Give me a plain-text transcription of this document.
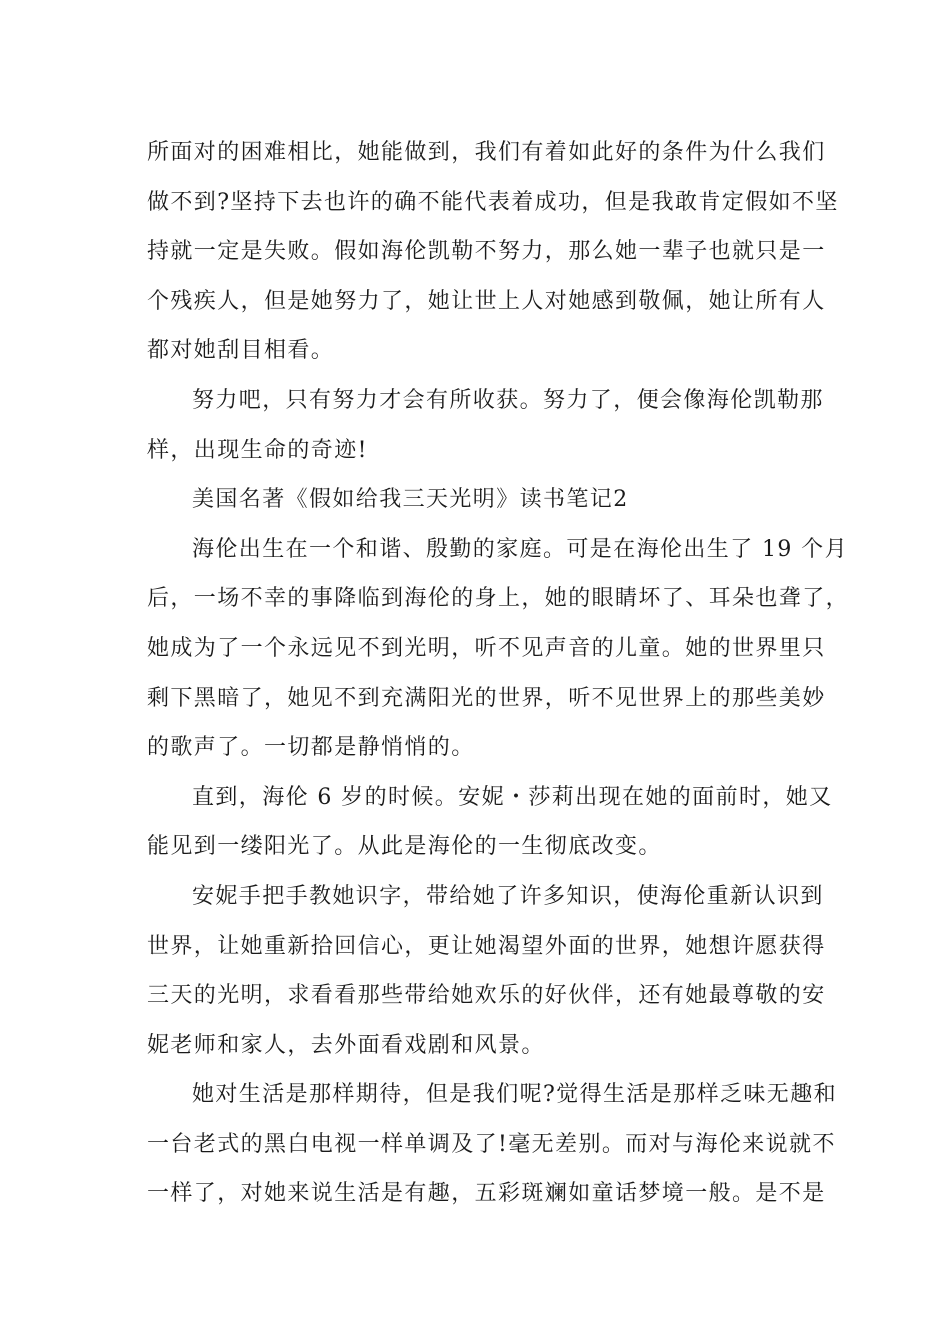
所面对的困难相比，她能做到，我们有着如此好的条件为什么我们
做不到?坚持下去也许的确不能代表着成功，但是我敢肯定假如不坚
持就一定是失败。假如海伦凯勒不努力，那么她一辈子也就只是一
个残疾人，但是她努力了，她让世上人对她感到敬佩，她让所有人
都对她刮目相看。
努力吧，只有努力才会有所收获。努力了，便会像海伦凯勒那
样，出现生命的奇迹!
美国名著《假如给我三天光明》读书笔记2
海伦出生在一个和谐、殷勤的家庭。可是在海伦出生了 19 个月
后，一场不幸的事降临到海伦的身上，她的眼睛坏了、耳朵也聋了，
她成为了一个永远见不到光明，听不见声音的儿童。她的世界里只
剩下黑暗了，她见不到充满阳光的世界，听不见世界上的那些美妙
的歌声了。一切都是静悄悄的。
直到，海伦 6 岁的时候。安妮・莎莉出现在她的面前时，她又
能见到一缕阳光了。从此是海伦的一生彻底改变。
安妮手把手教她识字，带给她了许多知识，使海伦重新认识到
世界，让她重新拾回信心，更让她渴望外面的世界，她想许愿获得
三天的光明，求看看那些带给她欢乐的好伙伴，还有她最尊敬的安
妮老师和家人，去外面看戏剧和风景。
她对生活是那样期待，但是我们呢?觉得生活是那样乏味无趣和
一台老式的黑白电视一样单调及了!毫无差别。而对与海伦来说就不
一样了，对她来说生活是有趣，五彩斑斓如童话梦境一般。是不是
